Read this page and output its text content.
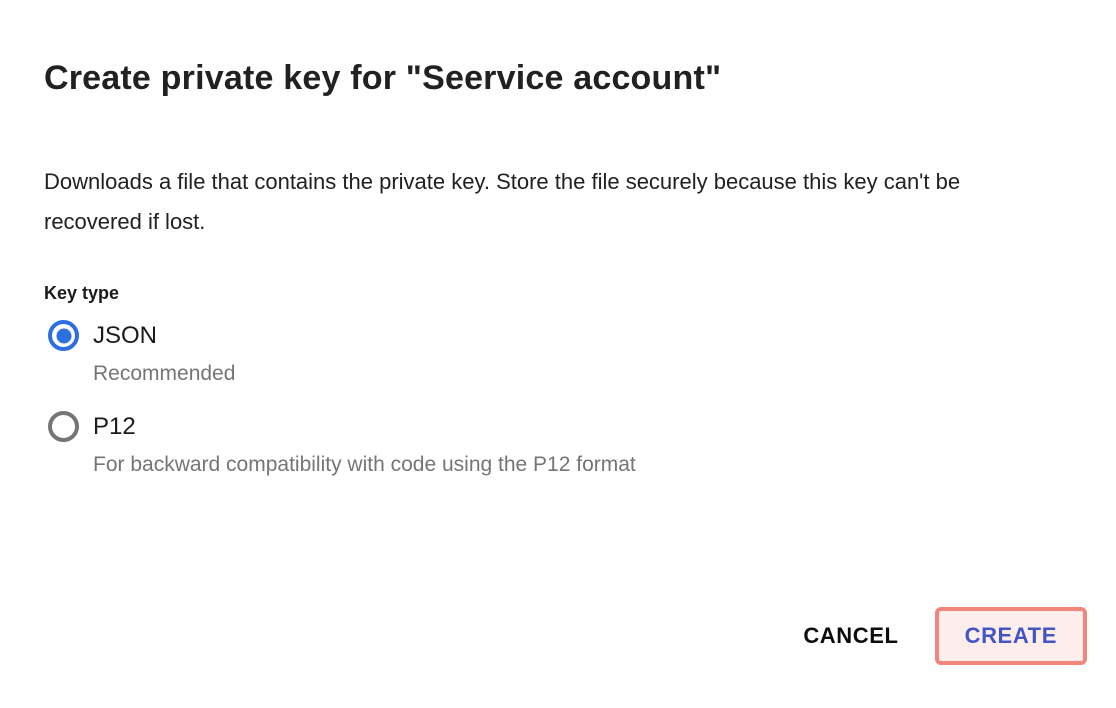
Create private key for "Seervice account"

Downloads a file that contains the private key. Store the file securely because this key can't be recovered if lost.

Key type
JSON
Recommended
P12
For backward compatibility with code using the P12 format
CANCEL	CREATE
